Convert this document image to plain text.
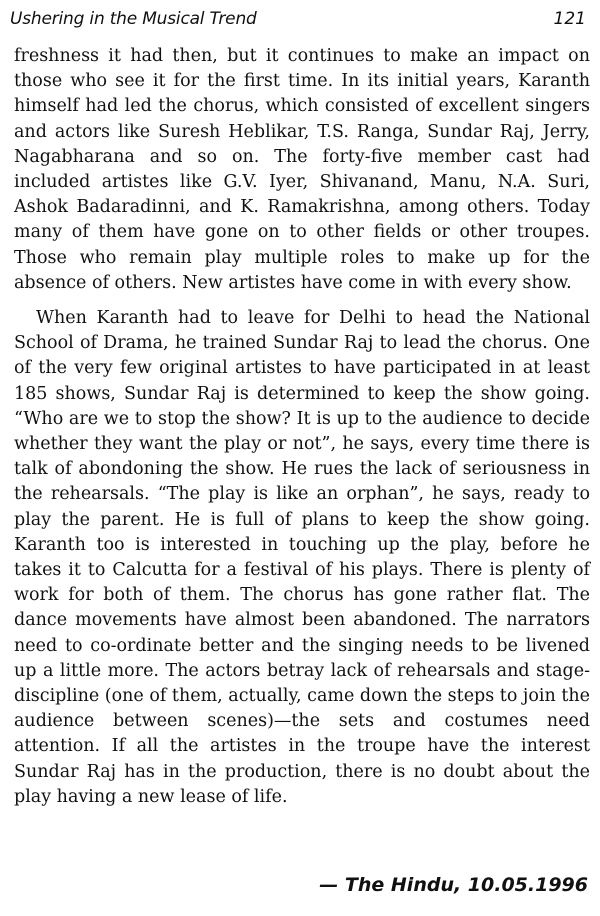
Ushering in the Musical Trend	121

freshness it had then, but it continues to make an impact on those who see it for the first time. In its initial years, Karanth himself had led the chorus, which consisted of excellent singers and actors like Suresh Heblikar, T.S. Ranga, Sundar Raj, Jerry, Nagabharana and so on. The forty-five member cast had included artistes like G.V. Iyer, Shivanand, Manu, N.A. Suri, Ashok Badaradinni, and K. Ramakrishna, among others. Today many of them have gone on to other fields or other troupes. Those who remain play multiple roles to make up for the absence of others. New artistes have come in with every show.

When Karanth had to leave for Delhi to head the National School of Drama, he trained Sundar Raj to lead the chorus. One of the very few original artistes to have participated in at least 185 shows, Sundar Raj is determined to keep the show going. “Who are we to stop the show? It is up to the audience to decide whether they want the play or not”, he says, every time there is talk of abondoning the show. He rues the lack of seriousness in the rehearsals. “The play is like an orphan”, he says, ready to play the parent. He is full of plans to keep the show going. Karanth too is interested in touching up the play, before he takes it to Calcutta for a festival of his plays. There is plenty of work for both of them. The chorus has gone rather flat. The dance movements have almost been abandoned. The narrators need to co-ordinate better and the singing needs to be livened up a little more. The actors betray lack of rehearsals and stage-discipline (one of them, actually, came down the steps to join the audience between scenes)—the sets and costumes need attention. If all the artistes in the troupe have the interest Sundar Raj has in the production, there is no doubt about the play having a new lease of life.

— The Hindu, 10.05.1996
